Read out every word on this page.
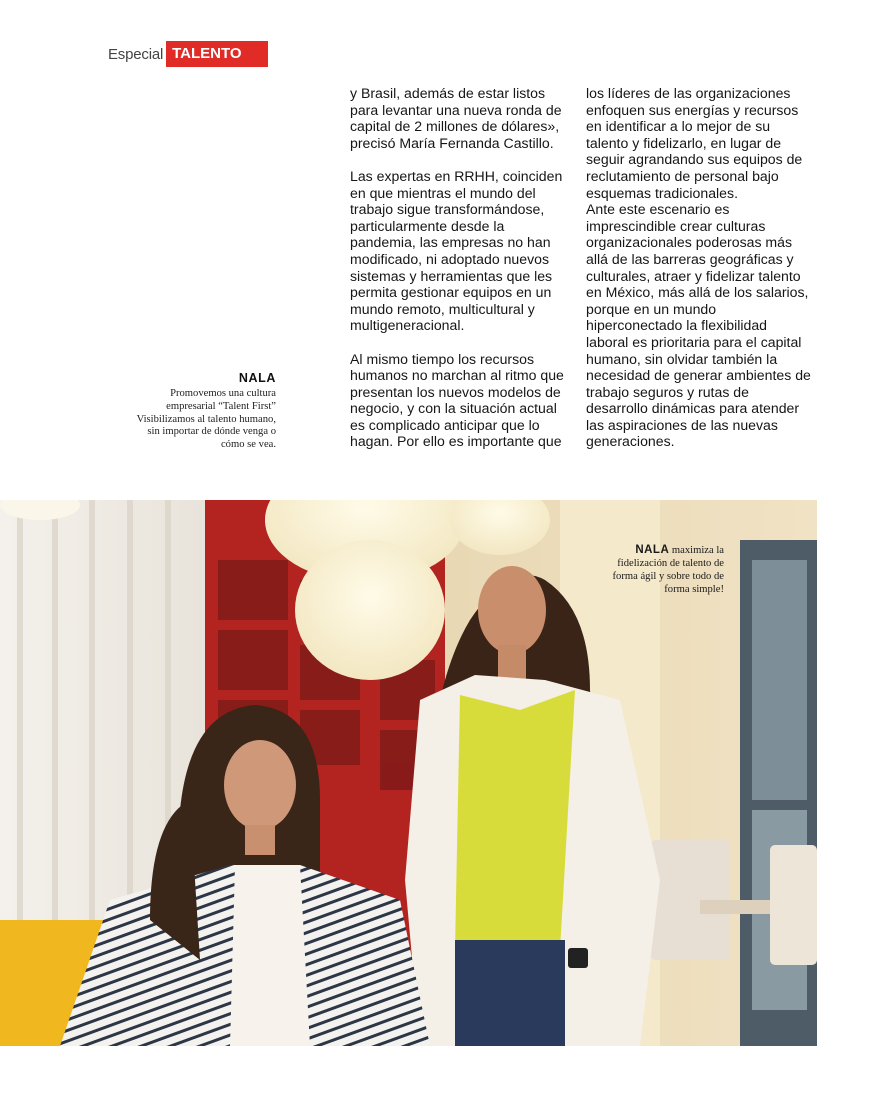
Especial TALENTO
NALA
Promovemos una cultura
empresarial “Talent First”
Visibilizamos al talento humano,
sin importar de dónde venga o
cómo se vea.

y Brasil, además de estar listos
para levantar una nueva ronda de
capital de 2 millones de dólares»,
precisó María Fernanda Castillo.

Las expertas en RRHH, coinciden
en que mientras el mundo del
trabajo sigue transformándose,
particularmente desde la
pandemia, las empresas no han
modificado, ni adoptado nuevos
sistemas y herramientas que les
permita gestionar equipos en un
mundo remoto, multicultural y
multigeneracional.

Al mismo tiempo los recursos
humanos no marchan al ritmo que
presentan los nuevos modelos de
negocio, y con la situación actual
es complicado anticipar que lo
hagan. Por ello es importante que

los líderes de las organizaciones
enfoquen sus energías y recursos
en identificar a lo mejor de su
talento y fidelizarlo, en lugar de
seguir agrandando sus equipos de
reclutamiento de personal bajo
esquemas tradicionales.

Ante este escenario es
imprescindible crear culturas
organizacionales poderosas más
allá de las barreras geográficas y
culturales, atraer y fidelizar talento
en México, más allá de los salarios,
porque en un mundo
hiperconectado la flexibilidad
laboral es prioritaria para el capital
humano, sin olvidar también la
necesidad de generar ambientes de
trabajo seguros y rutas de
desarrollo dinámicas para atender
las aspiraciones de las nuevas
generaciones.

NALA maximiza la
fidelización de talento de
forma ágil y sobre todo de
forma simple!
